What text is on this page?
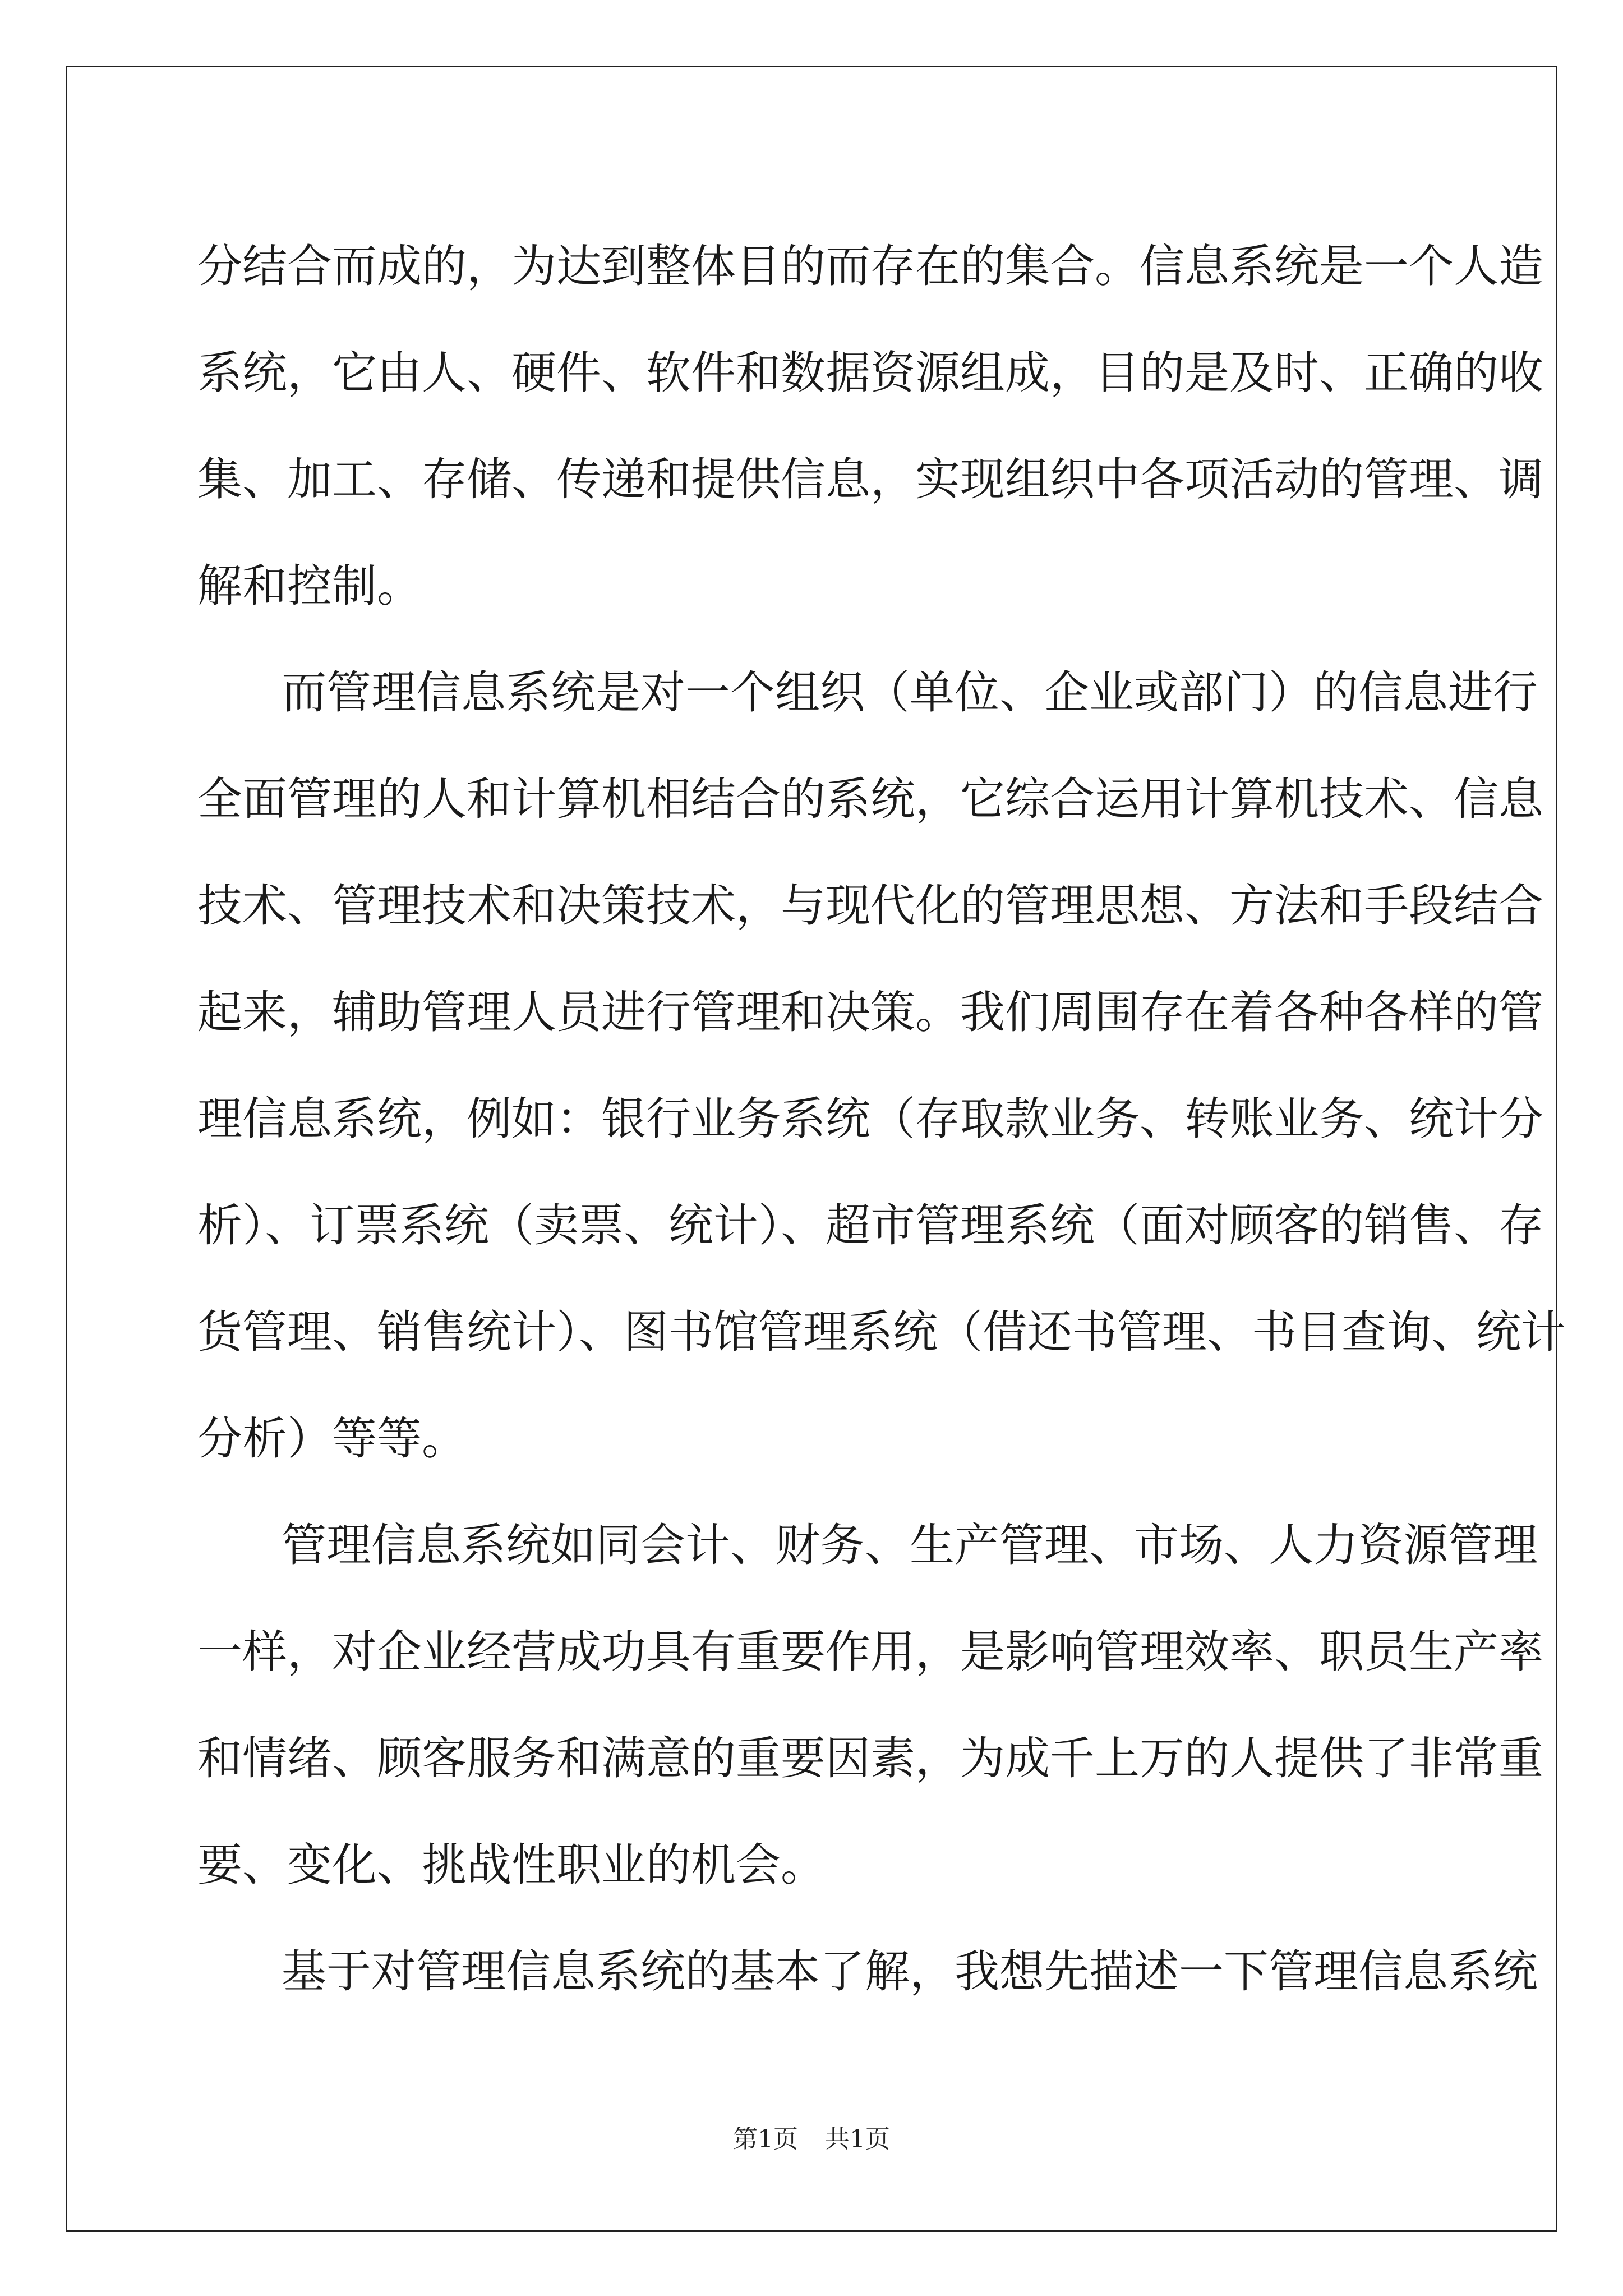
分结合而成的，为达到整体目的而存在的集合。信息系统是一个人造
系统，它由人、硬件、软件和数据资源组成，目的是及时、正确的收
集、加工、存储、传递和提供信息，实现组织中各项活动的管理、调
解和控制。
而管理信息系统是对一个组织（单位、企业或部门）的信息进行
全面管理的人和计算机相结合的系统，它综合运用计算机技术、信息
技术、管理技术和决策技术，与现代化的管理思想、方法和手段结合
起来，辅助管理人员进行管理和决策。我们周围存在着各种各样的管
理信息系统，例如：银行业务系统（存取款业务、转账业务、统计分
析）、订票系统（卖票、统计）、超市管理系统（面对顾客的销售、存
货管理、销售统计）、图书馆管理系统（借还书管理、书目查询、统计
分析）等等。
管理信息系统如同会计、财务、生产管理、市场、人力资源管理
一样，对企业经营成功具有重要作用，是影响管理效率、职员生产率
和情绪、顾客服务和满意的重要因素，为成千上万的人提供了非常重
要、变化、挑战性职业的机会。
基于对管理信息系统的基本了解，我想先描述一下管理信息系统
第1页 共1页
